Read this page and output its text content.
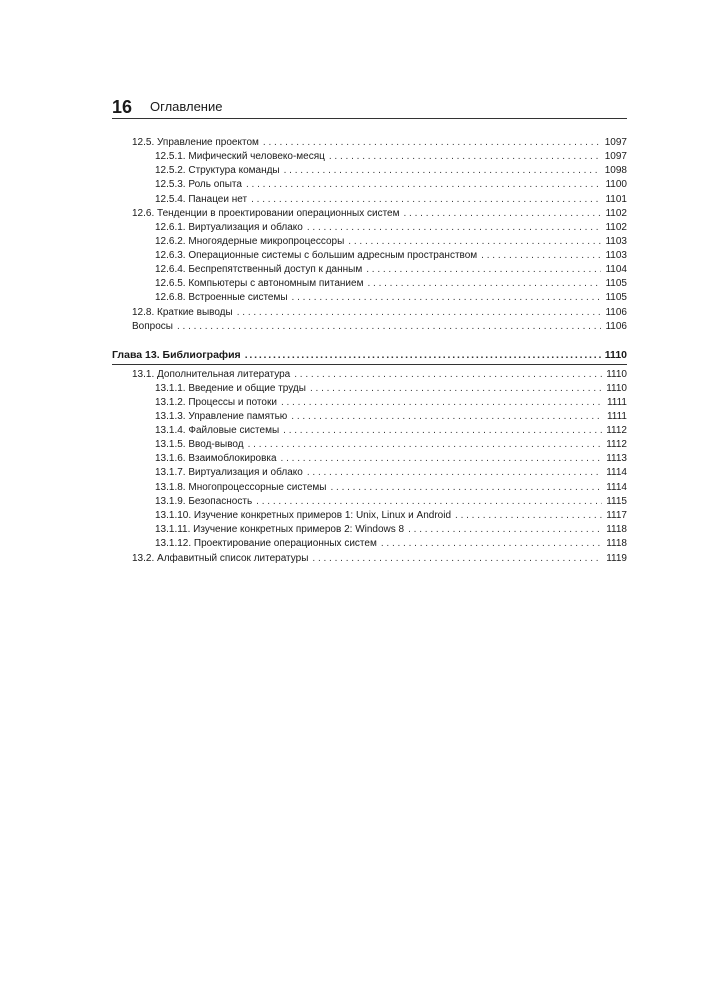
16 Оглавление
12.5. Управление проектом . . .	1097
12.5.1. Мифический человеко-месяц . . .	1097
12.5.2. Структура команды . . .	1098
12.5.3. Роль опыта . . .	1100
12.5.4. Панацеи нет . . .	1101
12.6. Тенденции в проектировании операционных систем . . .	1102
12.6.1. Виртуализация и облако . . .	1102
12.6.2. Многоядерные микропроцессоры . . .	1103
12.6.3. Операционные системы с большим адресным пространством . . .	1103
12.6.4. Беспрепятственный доступ к данным . . .	1104
12.6.5. Компьютеры с автономным питанием . . .	1105
12.6.8. Встроенные системы . . .	1105
12.8. Краткие выводы . . .	1106
Вопросы . . .	1106
Глава 13. Библиография .....	1110
13.1. Дополнительная литература . . .	1110
13.1.1. Введение и общие труды . . .	1110
13.1.2. Процессы и потоки . . .	1111
13.1.3. Управление памятью . . .	1111
13.1.4. Файловые системы . . .	1112
13.1.5. Ввод-вывод . . .	1112
13.1.6. Взаимоблокировка . . .	1113
13.1.7. Виртуализация и облако . . .	1114
13.1.8. Многопроцессорные системы . . .	1114
13.1.9. Безопасность . . .	1115
13.1.10. Изучение конкретных примеров 1: Unix, Linux и Android . . .	1117
13.1.11. Изучение конкретных примеров 2: Windows 8 . . .	1118
13.1.12. Проектирование операционных систем . . .	1118
13.2. Алфавитный список литературы . . .	1119
